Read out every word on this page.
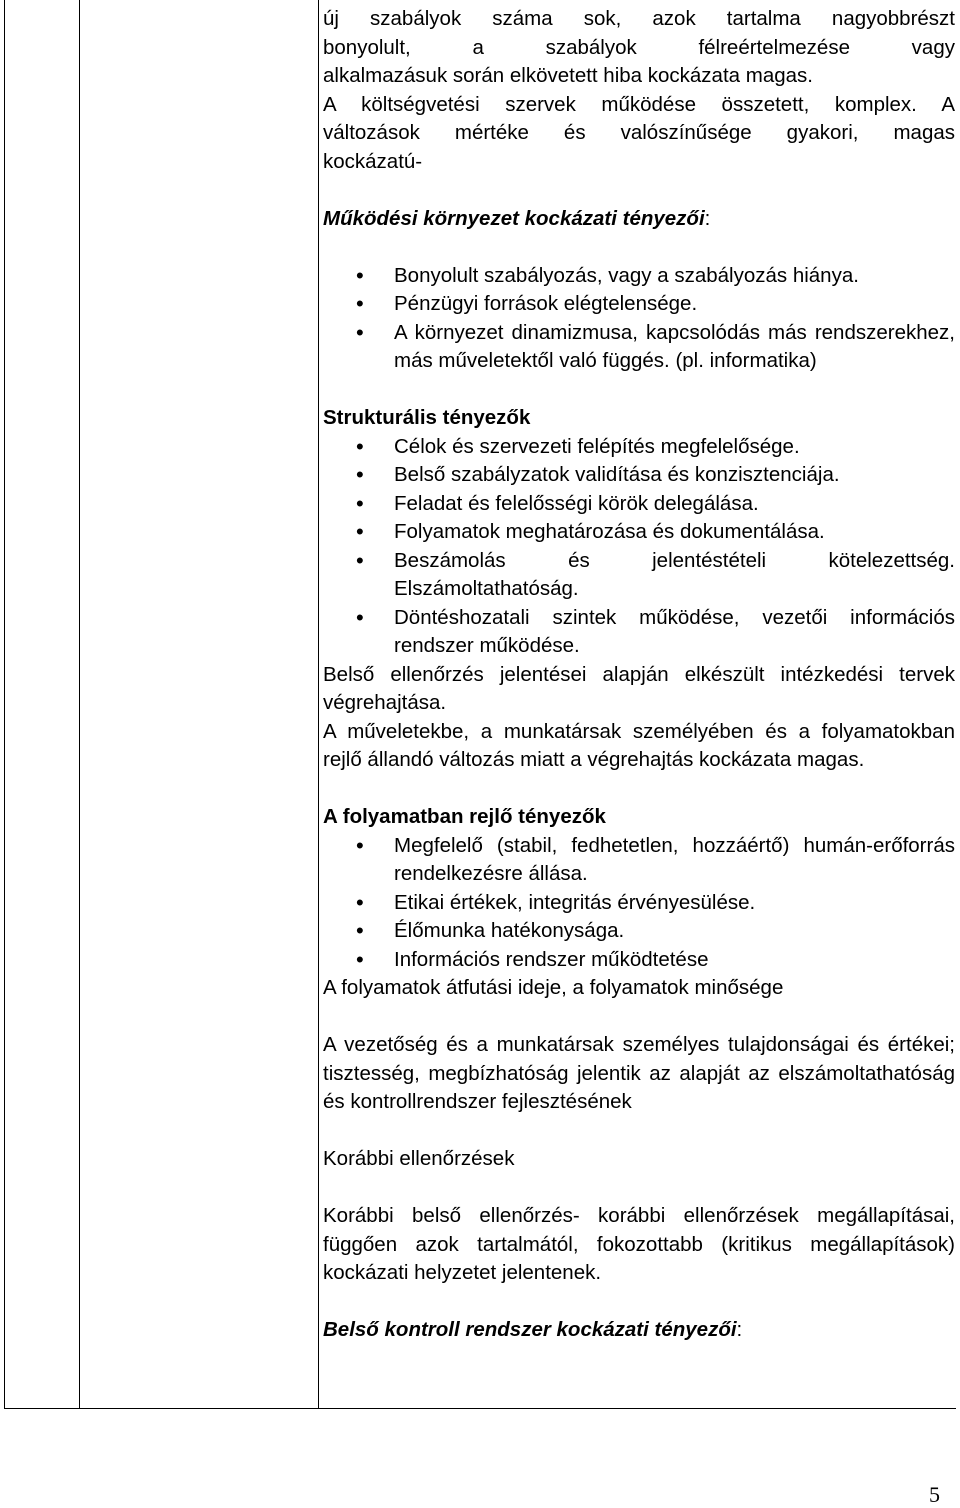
új szabályok száma sok, azok tartalma nagyobbrészt

bonyolult, a szabályok félreértelmezése vagy

alkalmazásuk során elkövetett hiba kockázata magas.

A költségvetési szervek működése összetett, komplex. A

változások mértéke és valószínűsége gyakori, magas

kockázatú-

Működési környezet kockázati tényezői:

• Bonyolult szabályozás, vagy a szabályozás hiánya.
• Pénzügyi források elégtelensége.
• A környezet dinamizmusa, kapcsolódás más rendszerekhez, más műveletektől való függés. (pl. informatika)

Strukturális tényezők

• Célok és szervezeti felépítés megfelelősége.
• Belső szabályzatok validítása és konzisztenciája.
• Feladat és felelősségi körök delegálása.
• Folyamatok meghatározása és dokumentálása.
• Beszámolás és jelentéstételi kötelezettség. Elszámoltathatóság.
• Döntéshozatali szintek működése, vezetői információs rendszer működése.

Belső ellenőrzés jelentései alapján elkészült intézkedési tervek végrehajtása.

A műveletekbe, a munkatársak személyében és a folyamatokban rejlő állandó változás miatt a végrehajtás kockázata magas.

A folyamatban rejlő tényezők

• Megfelelő (stabil, fedhetetlen, hozzáértő) humán-erőforrás rendelkezésre állása.
• Etikai értékek, integritás érvényesülése.
• Élőmunka hatékonysága.
• Információs rendszer működtetése

A folyamatok átfutási ideje, a folyamatok minősége

A vezetőség és a munkatársak személyes tulajdonságai és értékei; tisztesség, megbízhatóság jelentik az alapját az elszámoltathatóság és kontrollrendszer fejlesztésének

Korábbi ellenőrzések

Korábbi belső ellenőrzés- korábbi ellenőrzések megállapításai, függően azok tartalmától, fokozottabb (kritikus megállapítások) kockázati helyzetet jelentenek.

Belső kontroll rendszer kockázati tényezői:

5
